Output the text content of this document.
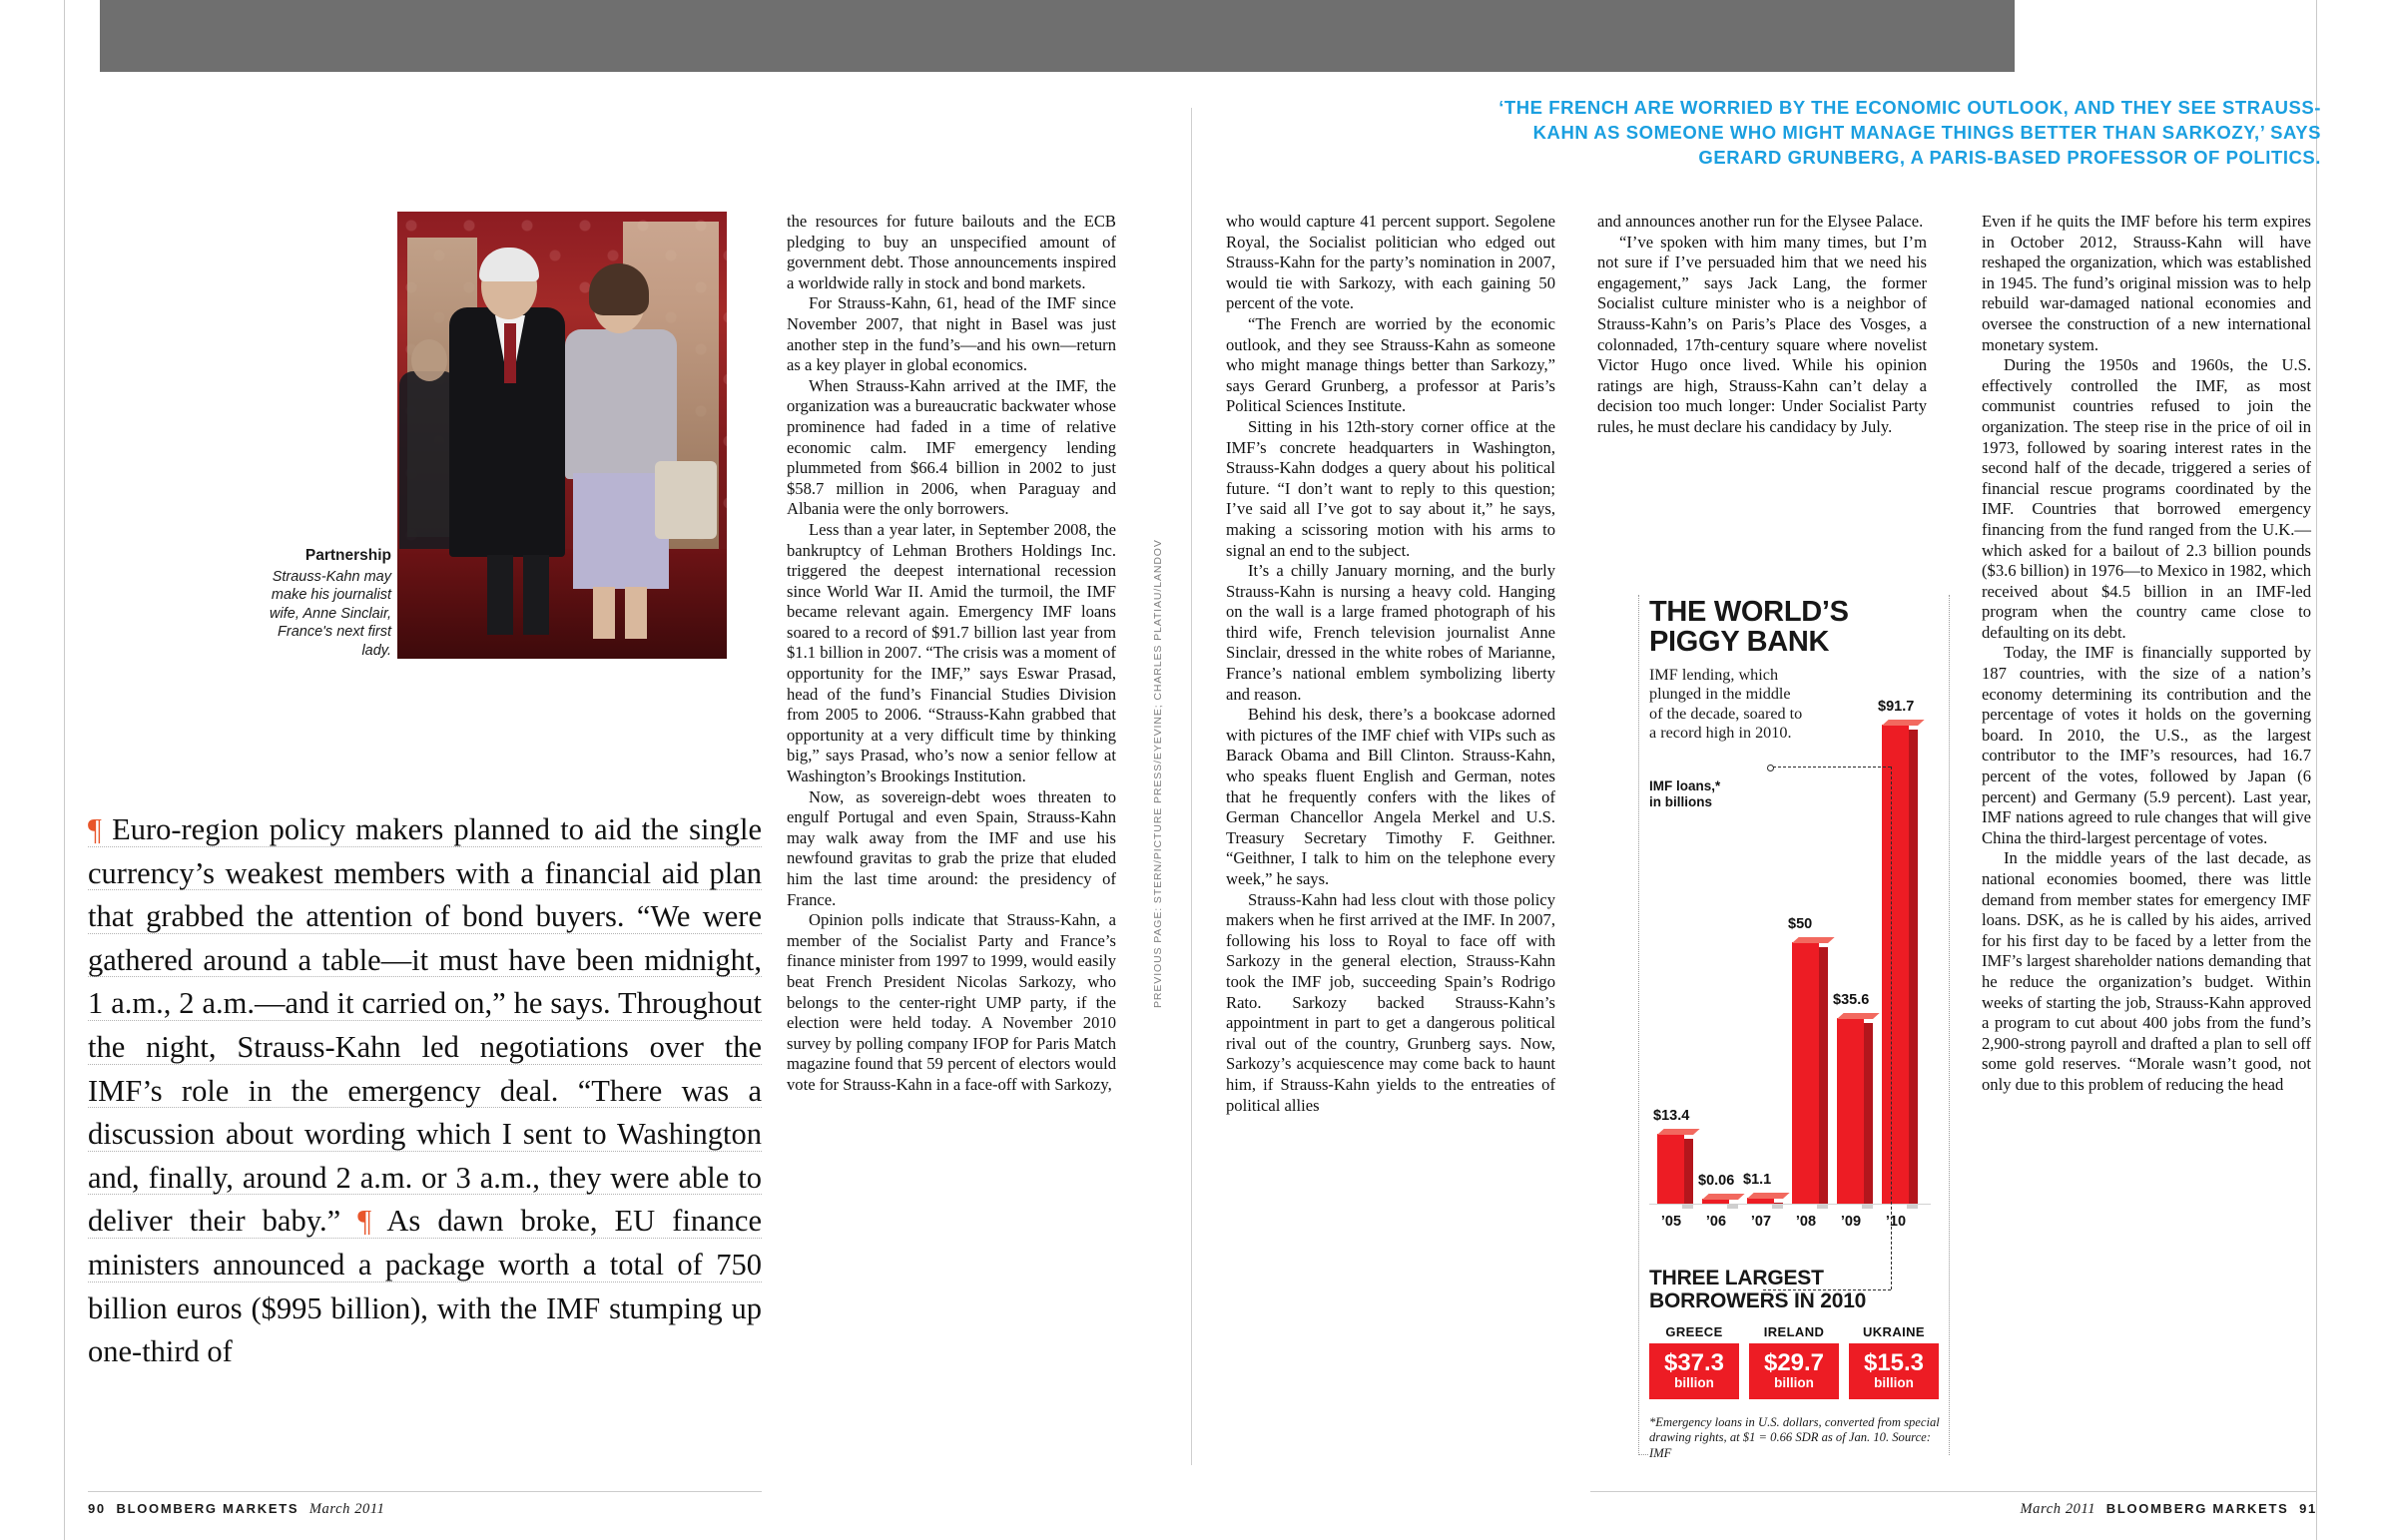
‘THE FRENCH ARE WORRIED BY THE ECONOMIC OUTLOOK, AND THEY SEE STRAUSS-KAHN AS SOMEONE WHO MIGHT MANAGE THINGS BETTER THAN SARKOZY,’ SAYS GERARD GRUNBERG, A PARIS-BASED PROFESSOR OF POLITICS.
Partnership
Strauss-Kahn may make his journalist wife, Anne Sinclair, France's next first lady.	PREVIOUS PAGE: STERN/PICTURE PRESS/EYEVINE; CHARLES PLATIAU/LANDOV
¶ Euro-region policy makers planned to aid the single currency’s weakest members with a financial aid plan that grabbed the attention of bond buyers. “We were gathered around a table—it must have been midnight, 1 a.m., 2 a.m.—and it carried on,” he says. Throughout the night, Strauss-Kahn led negotiations over the IMF’s role in the emergency deal. “There was a discussion about wording which I sent to Washington and, finally, around 2 a.m. or 3 a.m., they were able to deliver their baby.” ¶ As dawn broke, EU finance ministers announced a package worth a total of 750 billion euros ($995 billion), with the IMF stumping up one-third of

the resources for future bailouts and the ECB pledging to buy an unspecified amount of government debt. Those announcements inspired a worldwide rally in stock and bond markets.

For Strauss-Kahn, 61, head of the IMF since November 2007, that night in Basel was just another step in the fund’s—and his own—return as a key player in global economics.

When Strauss-Kahn arrived at the IMF, the organization was a bureaucratic backwater whose prominence had faded in a time of relative economic calm. IMF emergency lending plummeted from $66.4 billion in 2002 to just $58.7 million in 2006, when Paraguay and Albania were the only borrowers.

Less than a year later, in September 2008, the bankruptcy of Lehman Brothers Holdings Inc. triggered the deepest international recession since World War II. Amid the turmoil, the IMF became relevant again. Emergency IMF loans soared to a record of $91.7 billion last year from $1.1 billion in 2007. “The crisis was a moment of opportunity for the IMF,” says Eswar Prasad, head of the fund’s Financial Studies Division from 2005 to 2006. “Strauss-Kahn grabbed that opportunity at a very difficult time by thinking big,” says Prasad, who’s now a senior fellow at Washington’s Brookings Institution.

Now, as sovereign-debt woes threaten to engulf Portugal and even Spain, Strauss-Kahn may walk away from the IMF and use his newfound gravitas to grab the prize that eluded him the last time around: the presidency of France.

Opinion polls indicate that Strauss-Kahn, a member of the Socialist Party and France’s finance minister from 1997 to 1999, would easily beat French President Nicolas Sarkozy, who belongs to the center-right UMP party, if the election were held today. A November 2010 survey by polling company IFOP for Paris Match magazine found that 59 percent of electors would vote for Strauss-Kahn in a face-off with Sarkozy,

who would capture 41 percent support. Segolene Royal, the Socialist politician who edged out Strauss-Kahn for the party’s nomination in 2007, would tie with Sarkozy, with each gaining 50 percent of the vote.

“The French are worried by the economic outlook, and they see Strauss-Kahn as someone who might manage things better than Sarkozy,” says Gerard Grunberg, a professor at Paris’s Political Sciences Institute.

Sitting in his 12th-story corner office at the IMF’s concrete headquarters in Washington, Strauss-Kahn dodges a query about his political future. “I don’t want to reply to this question; I’ve said all I’ve got to say about it,” he says, making a scissoring motion with his arms to signal an end to the subject.

It’s a chilly January morning, and the burly Strauss-Kahn is nursing a heavy cold. Hanging on the wall is a large framed photograph of his third wife, French television journalist Anne Sinclair, dressed in the white robes of Marianne, France’s national emblem symbolizing liberty and reason.

Behind his desk, there’s a bookcase adorned with pictures of the IMF chief with VIPs such as Barack Obama and Bill Clinton. Strauss-Kahn, who speaks fluent English and German, notes that he frequently confers with the likes of German Chancellor Angela Merkel and U.S. Treasury Secretary Timothy F. Geithner. “Geithner, I talk to him on the telephone every week,” he says.

Strauss-Kahn had less clout with those policy makers when he first arrived at the IMF. In 2007, following his loss to Royal to face off with Sarkozy in the general election, Strauss-Kahn took the IMF job, succeeding Spain’s Rodrigo Rato. Sarkozy backed Strauss-Kahn’s appointment in part to get a dangerous political rival out of the country, Grunberg says. Now, Sarkozy’s acquiescence may come back to haunt him, if Strauss-Kahn yields to the entreaties of political allies

and announces another run for the Elysee Palace.

“I’ve spoken with him many times, but I’m not sure if I’ve persuaded him that we need his engagement,” says Jack Lang, the former Socialist culture minister who is a neighbor of Strauss-Kahn’s on Paris’s Place des Vosges, a colonnaded, 17th-century square where novelist Victor Hugo once lived. While his opinion ratings are high, Strauss-Kahn can’t delay a decision too much longer: Under Socialist Party rules, he must declare his candidacy by July.

Even if he quits the IMF before his term expires in October 2012, Strauss-Kahn will have reshaped the organization, which was established in 1945. The fund’s original mission was to help rebuild war-damaged national economies and oversee the construction of a new international monetary system.

During the 1950s and 1960s, the U.S. effectively controlled the IMF, as most communist countries refused to join the organization. The steep rise in the price of oil in 1973, followed by soaring interest rates in the second half of the decade, triggered a series of financial rescue programs coordinated by the IMF. Countries that borrowed emergency financing from the fund ranged from the U.K.—which asked for a bailout of 2.3 billion pounds ($3.6 billion) in 1976—to Mexico in 1982, which received about $4.5 billion in an IMF-led program when the country came close to defaulting on its debt.

Today, the IMF is financially supported by 187 countries, with the size of a nation’s economy determining its contribution and the percentage of votes it holds on the governing board. In 2010, the U.S., as the largest contributor to the IMF’s resources, had 16.7 percent of the votes, followed by Japan (6 percent) and Germany (5.9 percent). Last year, IMF nations agreed to rule changes that will give China the third-largest percentage of votes.

In the middle years of the last decade, as national economies boomed, there was little demand from member states for emergency IMF loans. DSK, as he is called by his aides, arrived for his first day to be faced by a letter from the IMF’s largest shareholder nations demanding that he reduce the organization’s budget. Within weeks of starting the job, Strauss-Kahn approved a program to cut about 400 jobs from the fund’s 2,900-strong payroll and drafted a plan to sell off some gold reserves. “Morale wasn’t good, not only due to this problem of reducing the head

THE WORLD’S
PIGGY BANK
IMF lending, which plunged in the middle of the decade, soared to a record high in 2010.
IMF loans,*
in billions
$13.4
’05
$0.06
’06
$1.1
’07
$50
’08
$35.6
’09
$91.7
’10
THREE LARGEST
BORROWERS IN 2010
GREECE
$37.3
billion
IRELAND
$29.7
billion
UKRAINE
$15.3
billion
*Emergency loans in U.S. dollars, converted from special drawing rights, at $1 = 0.66 SDR as of Jan. 10. Source: IMF
90 BLOOMBERG MARKETS March 2011	March 2011 BLOOMBERG MARKETS 91
